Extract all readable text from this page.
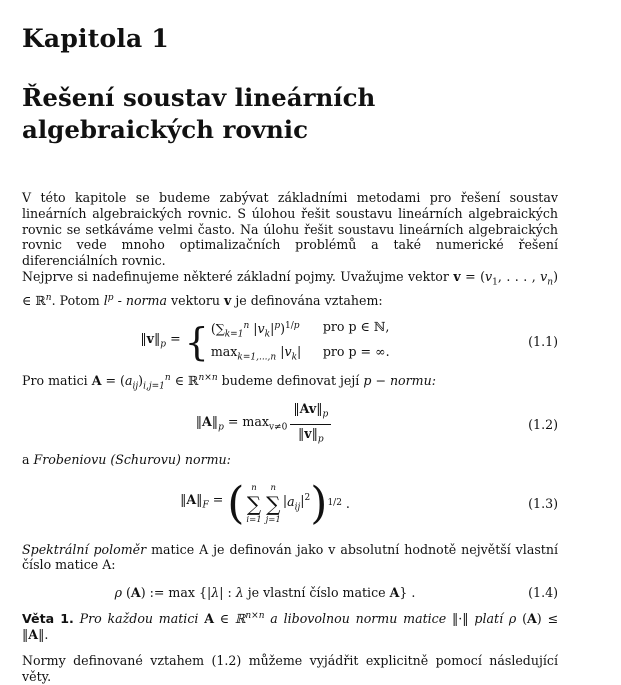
Kapitola 1
Řešení soustav lineárních
algebraických rovnic

V této kapitole se budeme zabývat základními metodami pro řešení soustav lineárních algebraických rovnic. S úlohou řešit soustavu lineárních algebraických rovnic se setkáváme velmi často. Na úlohu řešit soustavu lineárních algebraických rovnic vede mnoho optimalizačních problémů a také numerické řešení diferenciálních rovnic.

Nejprve si nadefinujeme některé základní pojmy. Uvažujme vektor $v = (v_1$, . . . , $v_n$) ∈ ℝ$^n$. Potom $l^p$ - norma vektoru v je definována vztahem:

$‖v‖_p$ = { ($\sum_{k=1}^n$ $|v_k|^p)^{1/p}$	pro p ∈ ℕ,
$\max_{k=1,...,n} |v_k|$	pro p = ∞.
(1.1)

Pro matici $A = (a_{ij})_{i,j=1}^n$ ∈ ℝ$^{n\times n}$ budeme definovat její p − normu:

$‖A‖_p = \max_{v\ne 0} \frac{‖Av‖_p}{‖v‖_p}$	(1.2)

a Frobeniovu (Schurovu) normu:

$‖A‖_F$ = ( n
∑
i=1
n
∑
j=1
$|a_{ij}|^2$ ) 1/2 .	(1.3)

Spektrální poloměr matice A je definován jako v absolutní hodnotě největší vlastní číslo matice A:

ρ (A) := max {|λ| : λ je vlastní číslo matice A} .	(1.4)

Věta 1. Pro každou matici A ∈ ℝ$^{n\times n}$ a libovolnou normu matice ‖·‖ platí ρ (A) ≤ ‖A‖.

Normy definované vztahem (1.2) můžeme vyjádřit explicitně pomocí následující věty.
